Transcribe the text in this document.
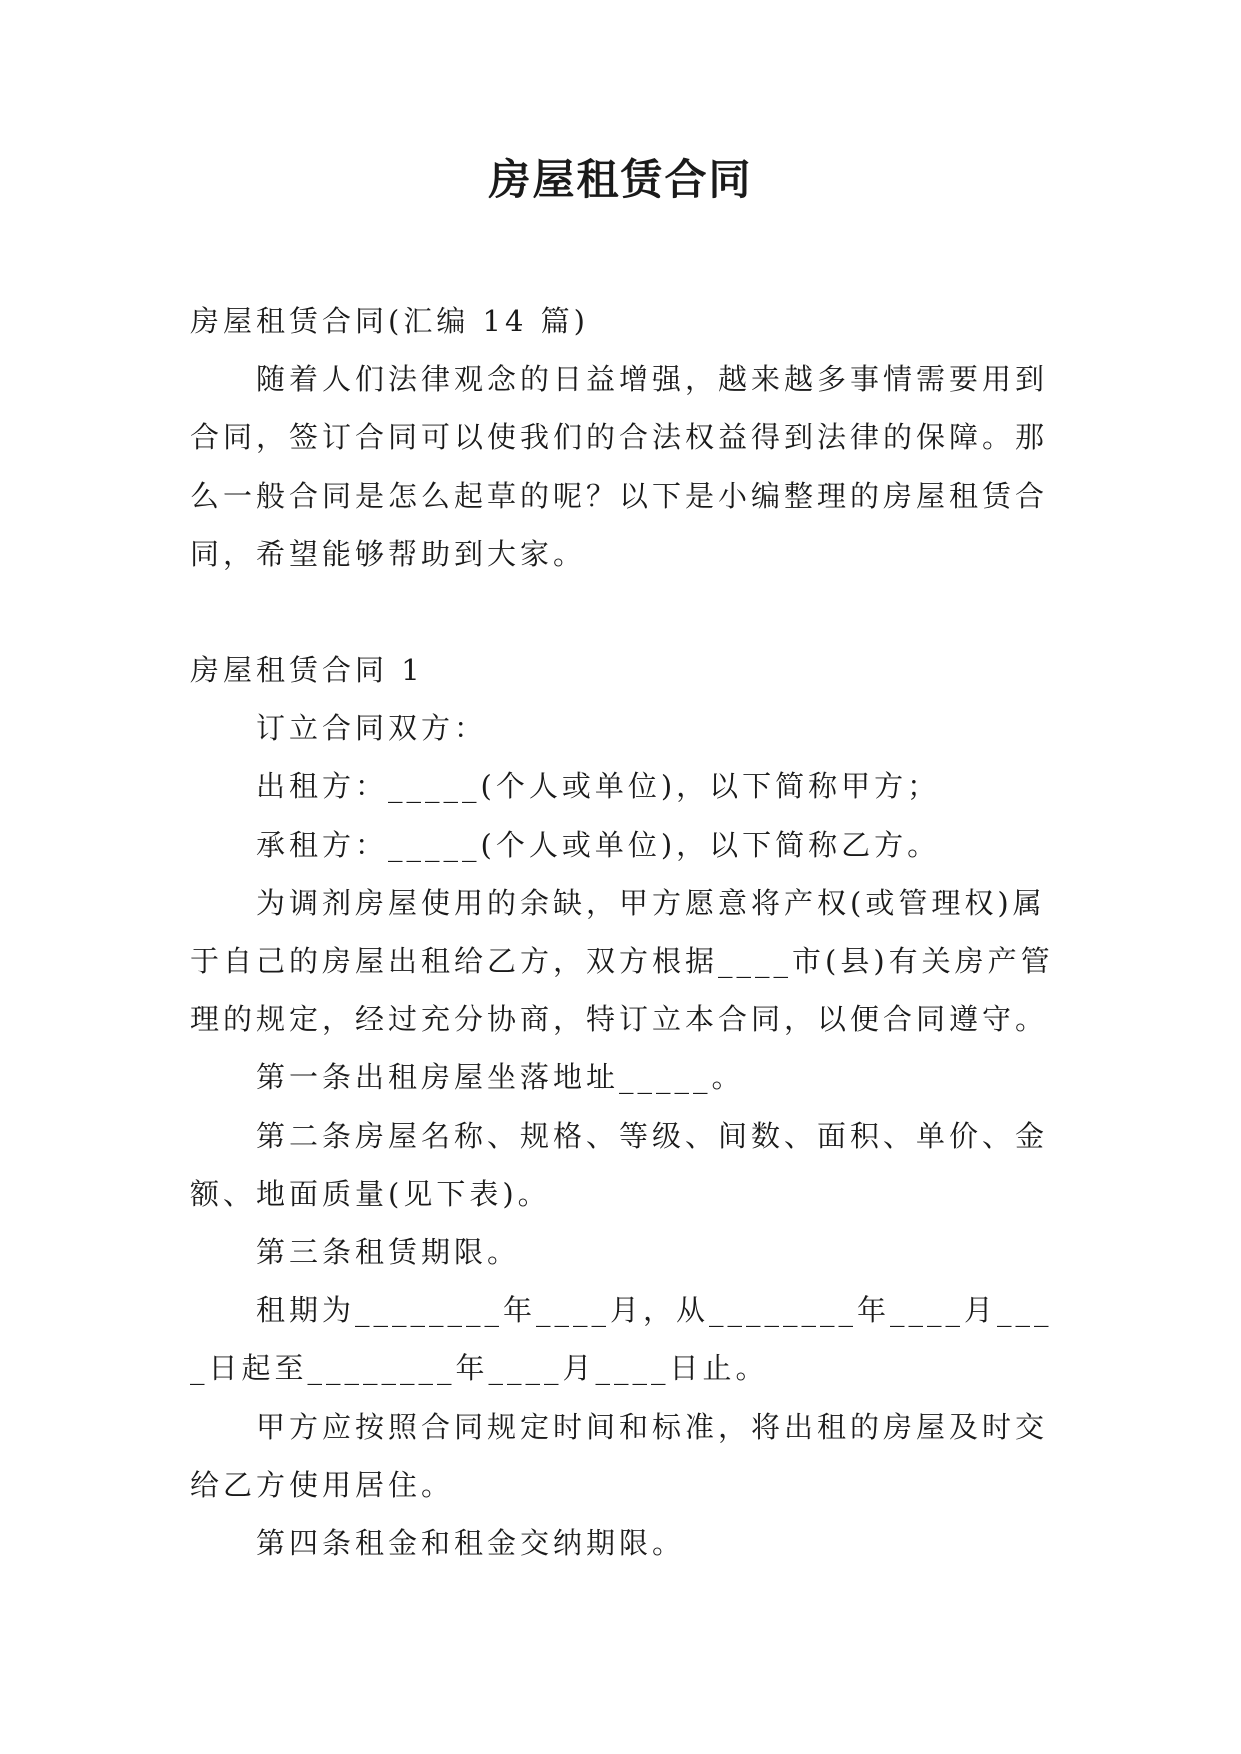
房屋租赁合同

房屋租赁合同(汇编 14 篇)

随着人们法律观念的日益增强，越来越多事情需要用到合同，签订合同可以使我们的合法权益得到法律的保障。那么一般合同是怎么起草的呢？以下是小编整理的房屋租赁合同，希望能够帮助到大家。

房屋租赁合同 1

订立合同双方：

出租方：_____(个人或单位)，以下简称甲方；

承租方：_____(个人或单位)，以下简称乙方。

为调剂房屋使用的余缺，甲方愿意将产权(或管理权)属于自己的房屋出租给乙方，双方根据____市(县)有关房产管理的规定，经过充分协商，特订立本合同，以便合同遵守。

第一条出租房屋坐落地址_____。

第二条房屋名称、规格、等级、间数、面积、单价、金额、地面质量(见下表)。

第三条租赁期限。

租期为________年____月，从________年____月____日起至________年____月____日止。

甲方应按照合同规定时间和标准，将出租的房屋及时交给乙方使用居住。

第四条租金和租金交纳期限。
